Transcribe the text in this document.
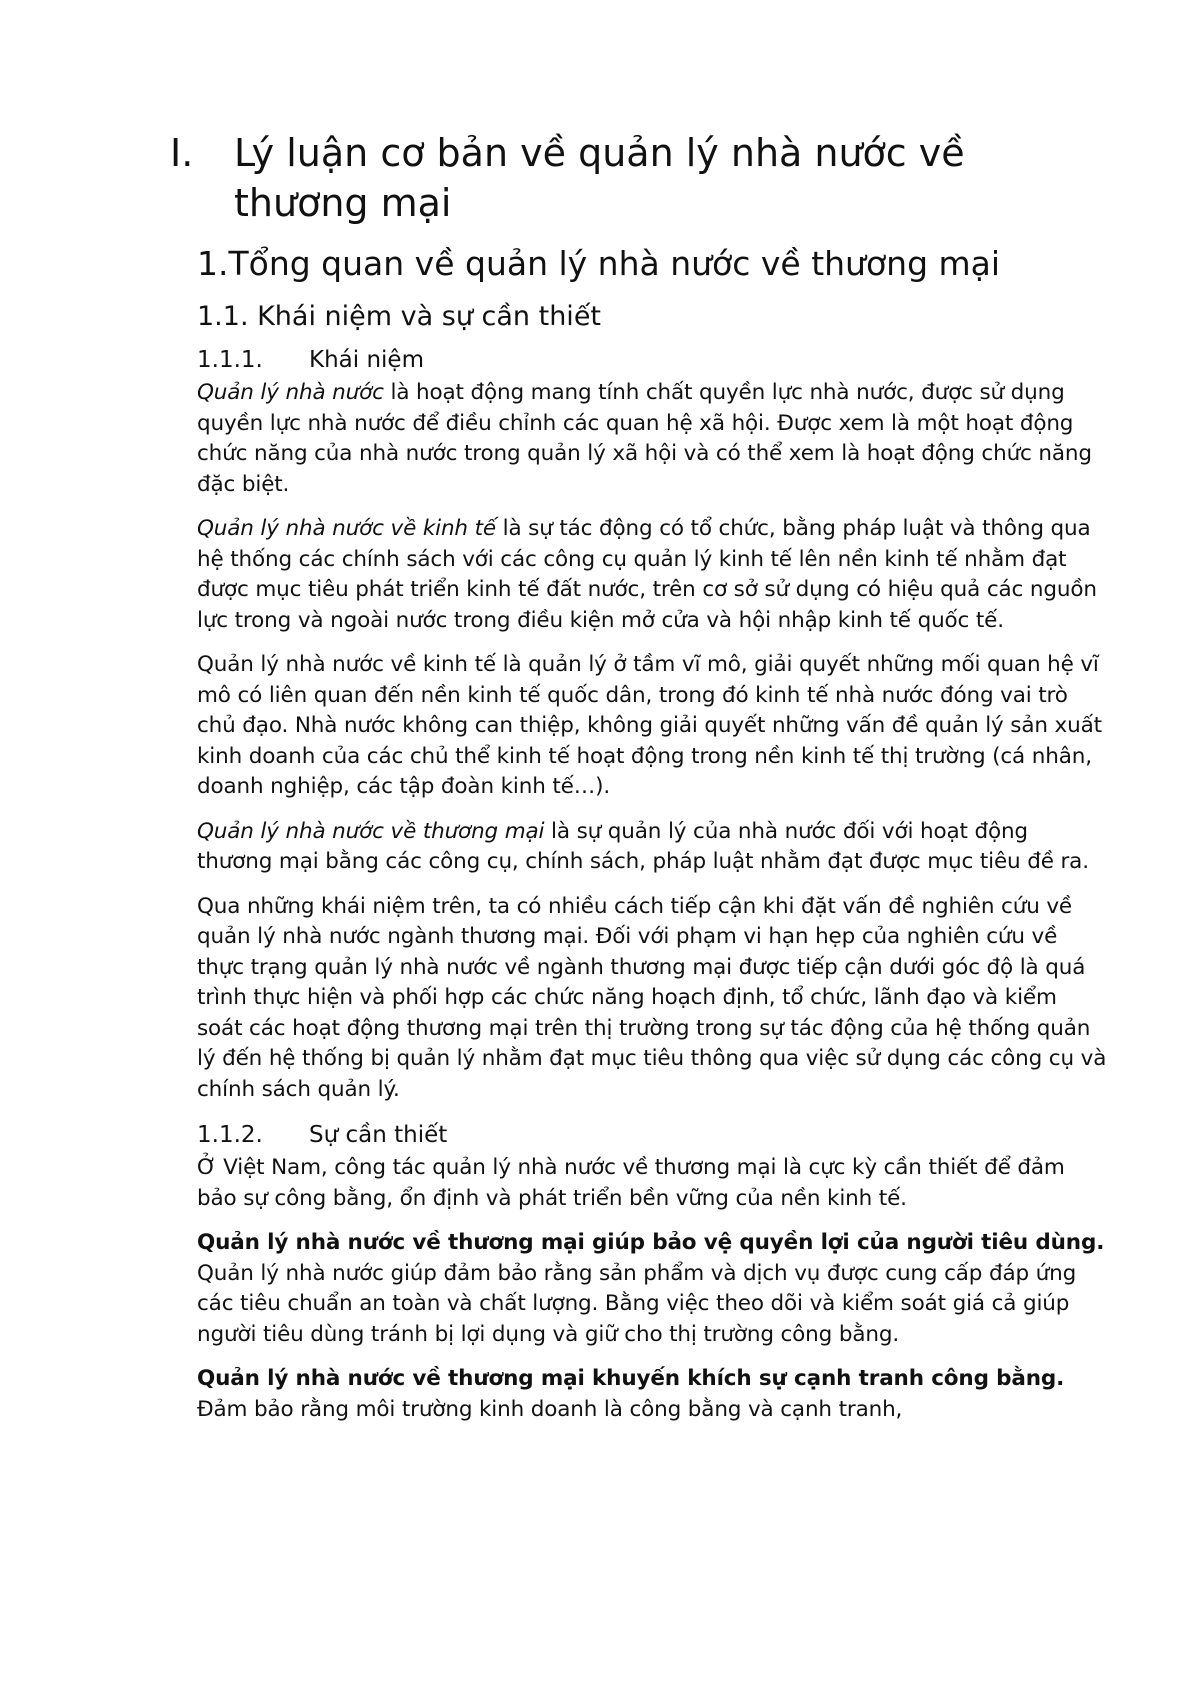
I.	Lý luận cơ bản về quản lý nhà nước về thương mại
1.Tổng quan về quản lý nhà nước về thương mại
1.1. Khái niệm và sự cần thiết
1.1.1.	Khái niệm

Quản lý nhà nước là hoạt động mang tính chất quyền lực nhà nước, được sử dụng quyền lực nhà nước để điều chỉnh các quan hệ xã hội. Được xem là một hoạt động chức năng của nhà nước trong quản lý xã hội và có thể xem là hoạt động chức năng đặc biệt.

Quản lý nhà nước về kinh tế là sự tác động có tổ chức, bằng pháp luật và thông qua hệ thống các chính sách với các công cụ quản lý kinh tế lên nền kinh tế nhằm đạt được mục tiêu phát triển kinh tế đất nước, trên cơ sở sử dụng có hiệu quả các nguồn lực trong và ngoài nước trong điều kiện mở cửa và hội nhập kinh tế quốc tế.

Quản lý nhà nước về kinh tế là quản lý ở tầm vĩ mô, giải quyết những mối quan hệ vĩ mô có liên quan đến nền kinh tế quốc dân, trong đó kinh tế nhà nước đóng vai trò chủ đạo. Nhà nước không can thiệp, không giải quyết những vấn đề quản lý sản xuất kinh doanh của các chủ thể kinh tế hoạt động trong nền kinh tế thị trường (cá nhân, doanh nghiệp, các tập đoàn kinh tế…).

Quản lý nhà nước về thương mại là sự quản lý của nhà nước đối với hoạt động thương mại bằng các công cụ, chính sách, pháp luật nhằm đạt được mục tiêu đề ra.

Qua những khái niệm trên, ta có nhiều cách tiếp cận khi đặt vấn đề nghiên cứu về quản lý nhà nước ngành thương mại. Đối với phạm vi hạn hẹp của nghiên cứu về thực trạng quản lý nhà nước về ngành thương mại được tiếp cận dưới góc độ là quá trình thực hiện và phối hợp các chức năng hoạch định, tổ chức, lãnh đạo và kiểm soát các hoạt động thương mại trên thị trường trong sự tác động của hệ thống quản lý đến hệ thống bị quản lý nhằm đạt mục tiêu thông qua việc sử dụng các công cụ và chính sách quản lý.

1.1.2.	Sự cần thiết

Ở Việt Nam, công tác quản lý nhà nước về thương mại là cực kỳ cần thiết để đảm bảo sự công bằng, ổn định và phát triển bền vững của nền kinh tế.

Quản lý nhà nước về thương mại giúp bảo vệ quyền lợi của người tiêu dùng. Quản lý nhà nước giúp đảm bảo rằng sản phẩm và dịch vụ được cung cấp đáp ứng các tiêu chuẩn an toàn và chất lượng. Bằng việc theo dõi và kiểm soát giá cả giúp người tiêu dùng tránh bị lợi dụng và giữ cho thị trường công bằng.

Quản lý nhà nước về thương mại khuyến khích sự cạnh tranh công bằng. Đảm bảo rằng môi trường kinh doanh là công bằng và cạnh tranh,
